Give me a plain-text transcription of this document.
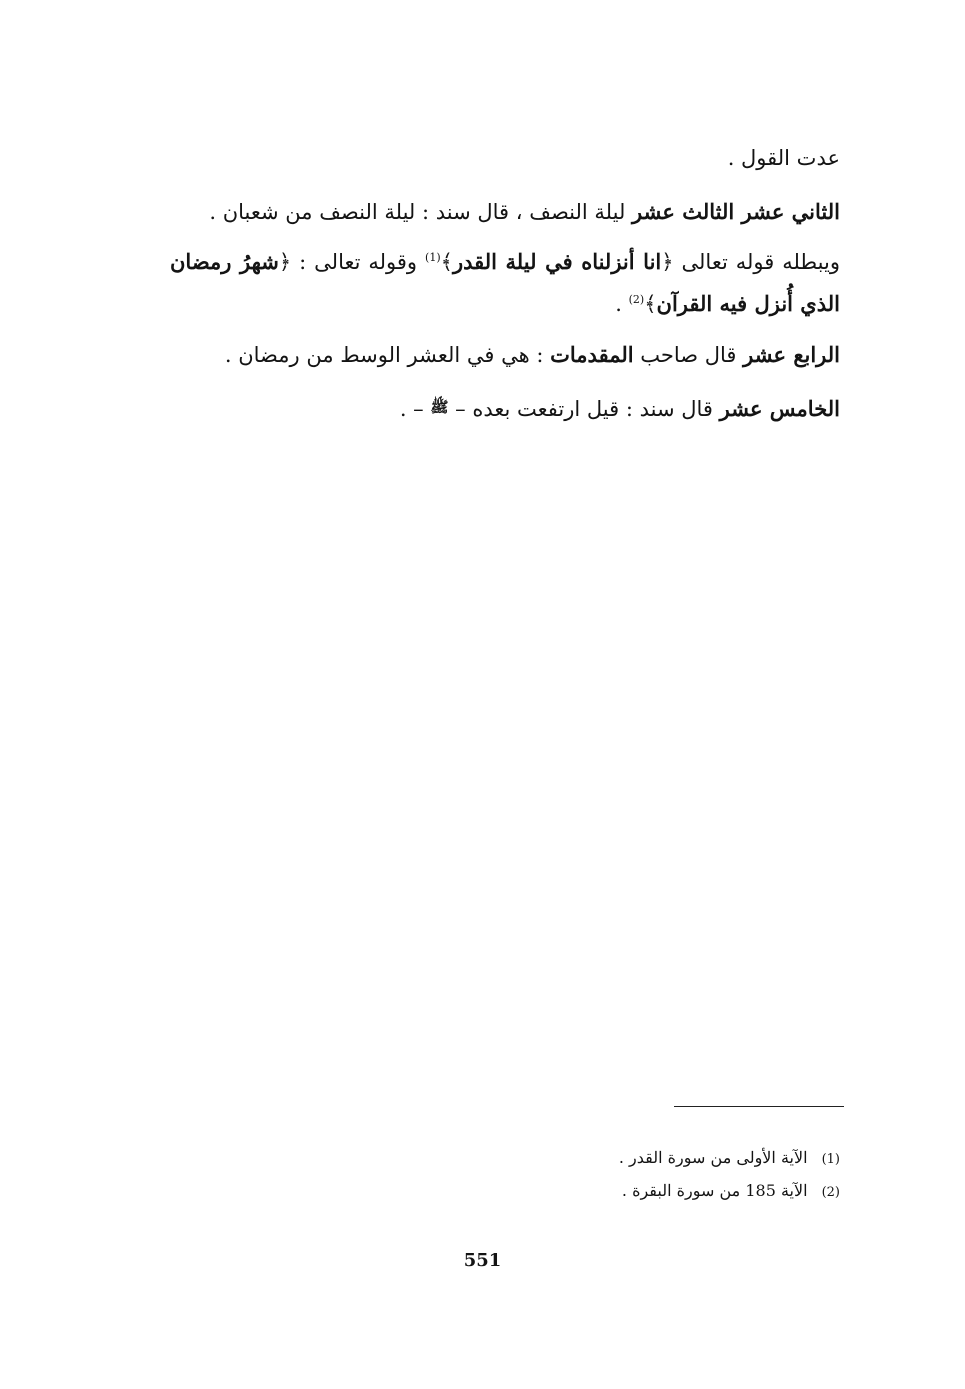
عدت القول .
الثاني عشر الثالث عشر ليلة النصف ، قال سند : ليلة النصف من شعبان .
ويبطله قوله تعالى ﴿انا أنزلناه في ليلة القدر﴾$^{(1)}$ وقوله تعالى : ﴿شهرُ رمضان
الذي أُنزل فيه القرآن﴾$^{(2)}$ .
الرابع عشر قال صاحب المقدمات : هي في العشر الوسط من رمضان .
الخامس عشر قال سند : قيل ارتفعت بعده – ﷺ – .
(1)الآية الأولى من سورة القدر .
(2)الآية 185 من سورة البقرة .
551
